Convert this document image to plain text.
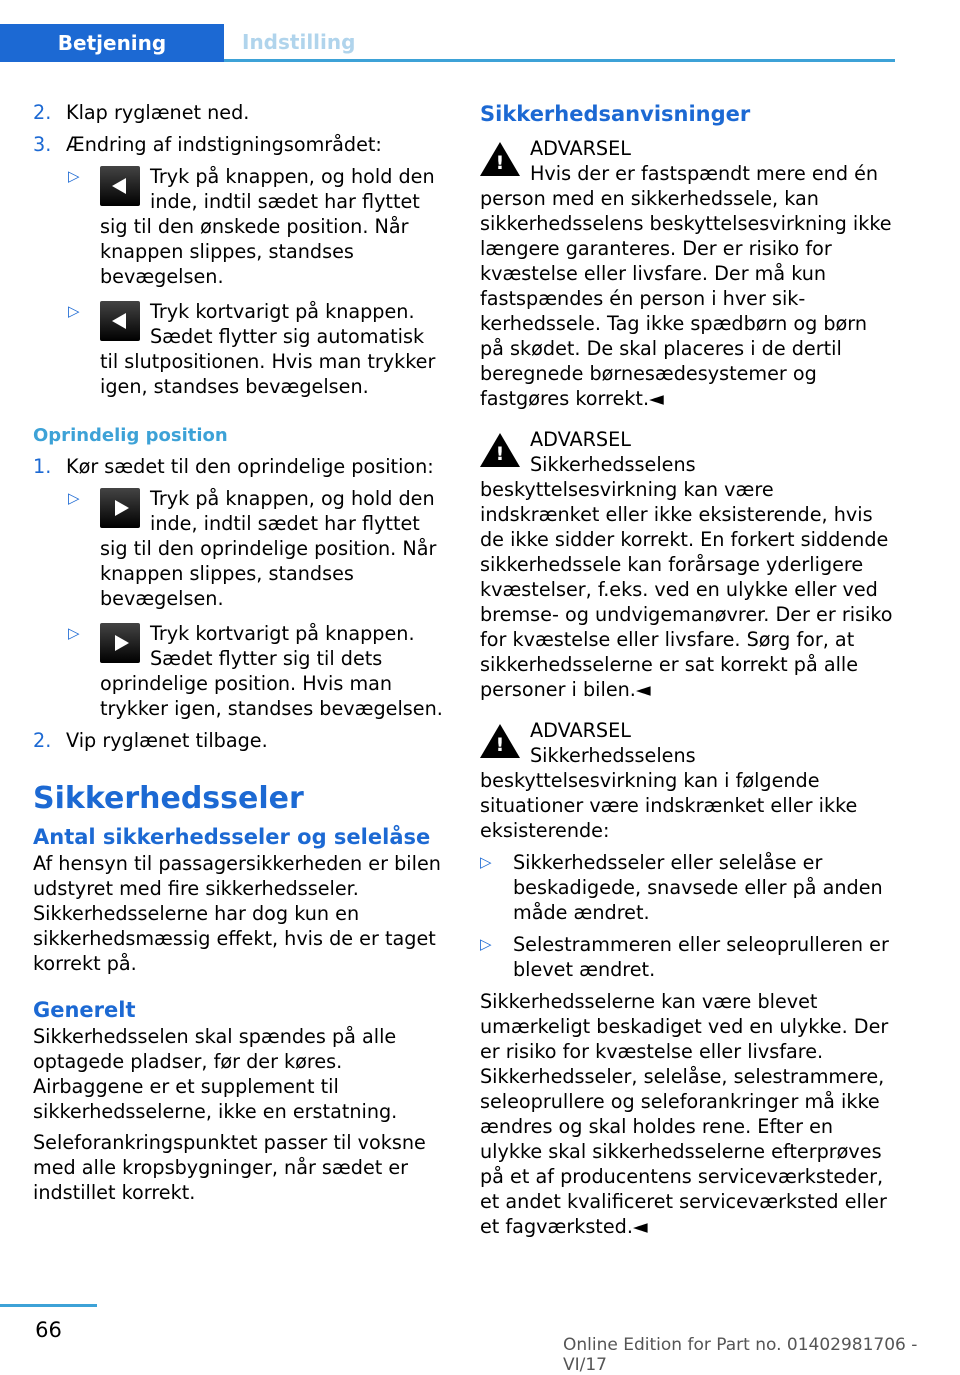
Betjening	Indstilling
2. Klap ryglænet ned.

3. Ændring af indstigningsområdet:

▷	Tryk på knappen, og hold den inde, indtil sædet har flyttet sig til den ønskede position. Når knappen slippes, standses bevægelsen.

▷	Tryk kortvarigt på knappen. Sædet flytter sig automatisk til slutpositionen. Hvis man trykker igen, standses bevægelsen.

Oprindelig position

1. Kør sædet til den oprindelige position:

▷	Tryk på knappen, og hold den inde, indtil sædet har flyttet sig til den oprindelige position. Når knappen slippes, standses bevægelsen.

▷	Tryk kortvarigt på knappen. Sædet flytter sig til dets oprindelige position. Hvis man trykker igen, standses bevægelsen.

2. Vip ryglænet tilbage.

Sikkerhedsseler

Antal sikkerhedsseler og selelåse

Af hensyn til passagersikkerheden er bilen udstyret med fire sikkerhedsseler. Sikkerhedsselerne har dog kun en sikkerhedsmæssig effekt, hvis de er taget korrekt på.

Generelt

Sikkerhedsselen skal spændes på alle optagede pladser, før der køres. Airbaggene er et supplement til sikkerhedsselerne, ikke en erstatning.

Seleforankringspunktet passer til voksne med alle kropsbygninger, når sædet er indstillet korrekt.

Sikkerhedsanvisninger

!

ADVARSEL

Hvis der er fastspændt mere end én person med en sikkerhedssele, kan sikkerhedsselens beskyttelsesvirkning ikke længere garanteres. Der er risiko for kvæstelse eller livsfare. Der må kun fastspændes én person i hver sikkerhedssele. Tag ikke spædbørn og børn på skødet. De skal placeres i de dertil beregnede børnesædesystemer og fastgøres korrekt.◄

!

ADVARSEL

Sikkerhedsselens beskyttelsesvirkning kan være indskrænket eller ikke eksisterende, hvis de ikke sidder korrekt. En forkert siddende sikkerhedssele kan forårsage yderligere kvæstelser, f.eks. ved en ulykke eller ved bremse- og undvigemanøvrer. Der er risiko for kvæstelse eller livsfare. Sørg for, at sikkerhedsselerne er sat korrekt på alle personer i bilen.◄

!

ADVARSEL

Sikkerhedsselens beskyttelsesvirkning kan i følgende situationer være indskrænket eller ikke eksisterende:

▷ Sikkerhedsseler eller selelåse er beskadigede, snavsede eller på anden måde ændret.

▷ Selestrammeren eller seleoprulleren er blevet ændret.

Sikkerhedsselerne kan være blevet umærkeligt beskadiget ved en ulykke. Der er risiko for kvæstelse eller livsfare. Sikkerhedsseler, selelåse, selestrammere, seleoprullere og seleforankringer må ikke ændres og skal holdes rene. Efter en ulykke skal sikkerhedsselerne efterprøves på et af producentens serviceværksteder, et andet kvalificeret serviceværksted eller et fagværksted.◄

66
Online Edition for Part no. 01402981706 - VI/17
